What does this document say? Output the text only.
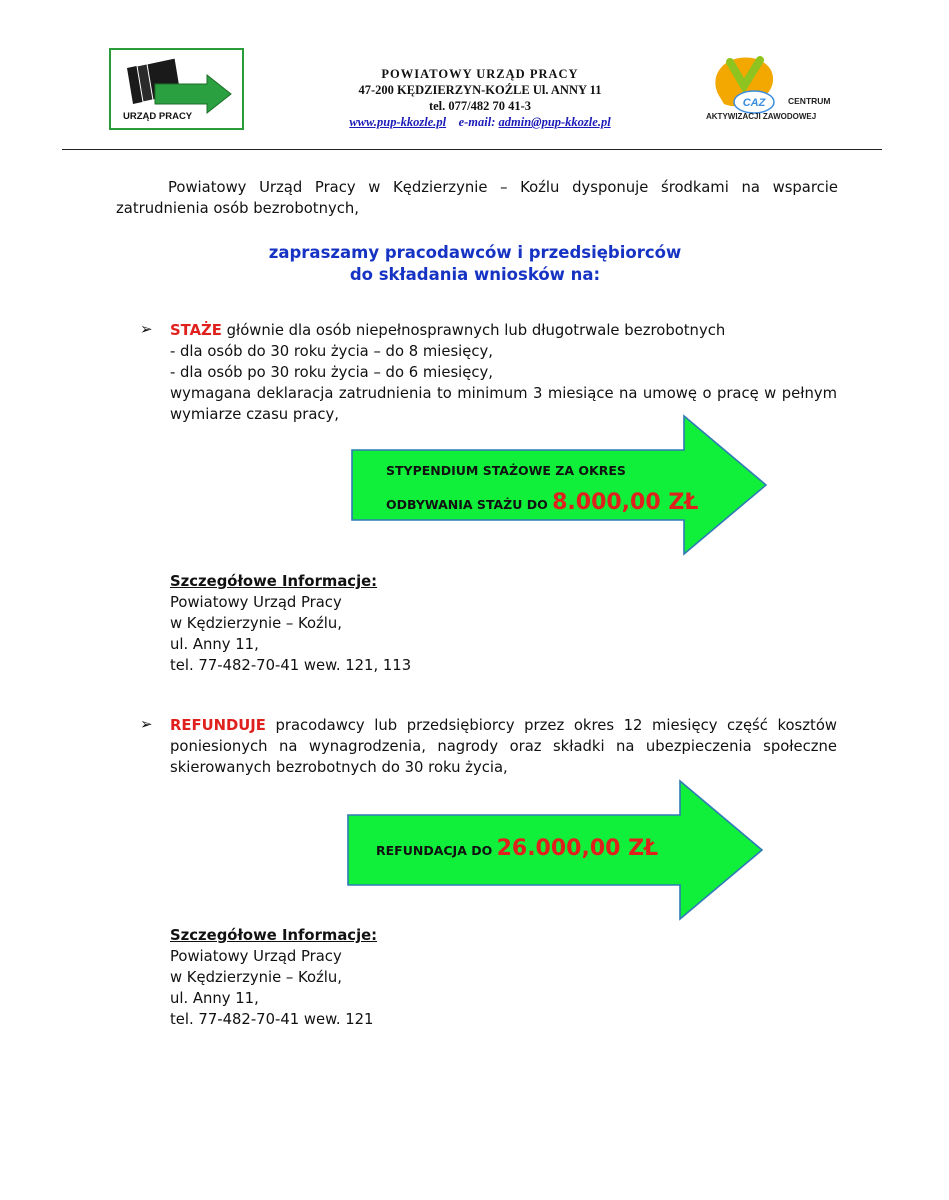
URZĄD PRACY
POWIATOWY URZĄD PRACY
47-200 KĘDZIERZYN-KOŹLE Ul. ANNY 11
tel. 077/482 70 41-3
www.pup-kkozle.pl e-mail: admin@pup-kkozle.pl
CAZ	CENTRUM
AKTYWIZACJI ZAWODOWEJ
Powiatowy Urząd Pracy w Kędzierzynie – Koźlu dysponuje środkami na wsparcie zatrudnienia osób bezrobotnych,
zapraszamy pracodawców i przedsiębiorców
do składania wniosków na:
➢ STAŻE głównie dla osób niepełnosprawnych lub długotrwale bezrobotnych
- dla osób do 30 roku życia – do 8 miesięcy,
- dla osób po 30 roku życia – do 6 miesięcy,
wymagana deklaracja zatrudnienia to minimum 3 miesiące na umowę o pracę w pełnym wymiarze czasu pracy,
STYPENDIUM STAŻOWE ZA OKRES
ODBYWANIA STAŻU DO 8.000,00 ZŁ
Szczegółowe Informacje:
Powiatowy Urząd Pracy
w Kędzierzynie – Koźlu,
ul. Anny 11,
tel. 77-482-70-41 wew. 121, 113
➢ REFUNDUJE pracodawcy lub przedsiębiorcy przez okres 12 miesięcy część kosztów poniesionych na wynagrodzenia, nagrody oraz składki na ubezpieczenia społeczne skierowanych bezrobotnych do 30 roku życia,
REFUNDACJA DO 26.000,00 ZŁ
Szczegółowe Informacje:
Powiatowy Urząd Pracy
w Kędzierzynie – Koźlu,
ul. Anny 11,
tel. 77-482-70-41 wew. 121
